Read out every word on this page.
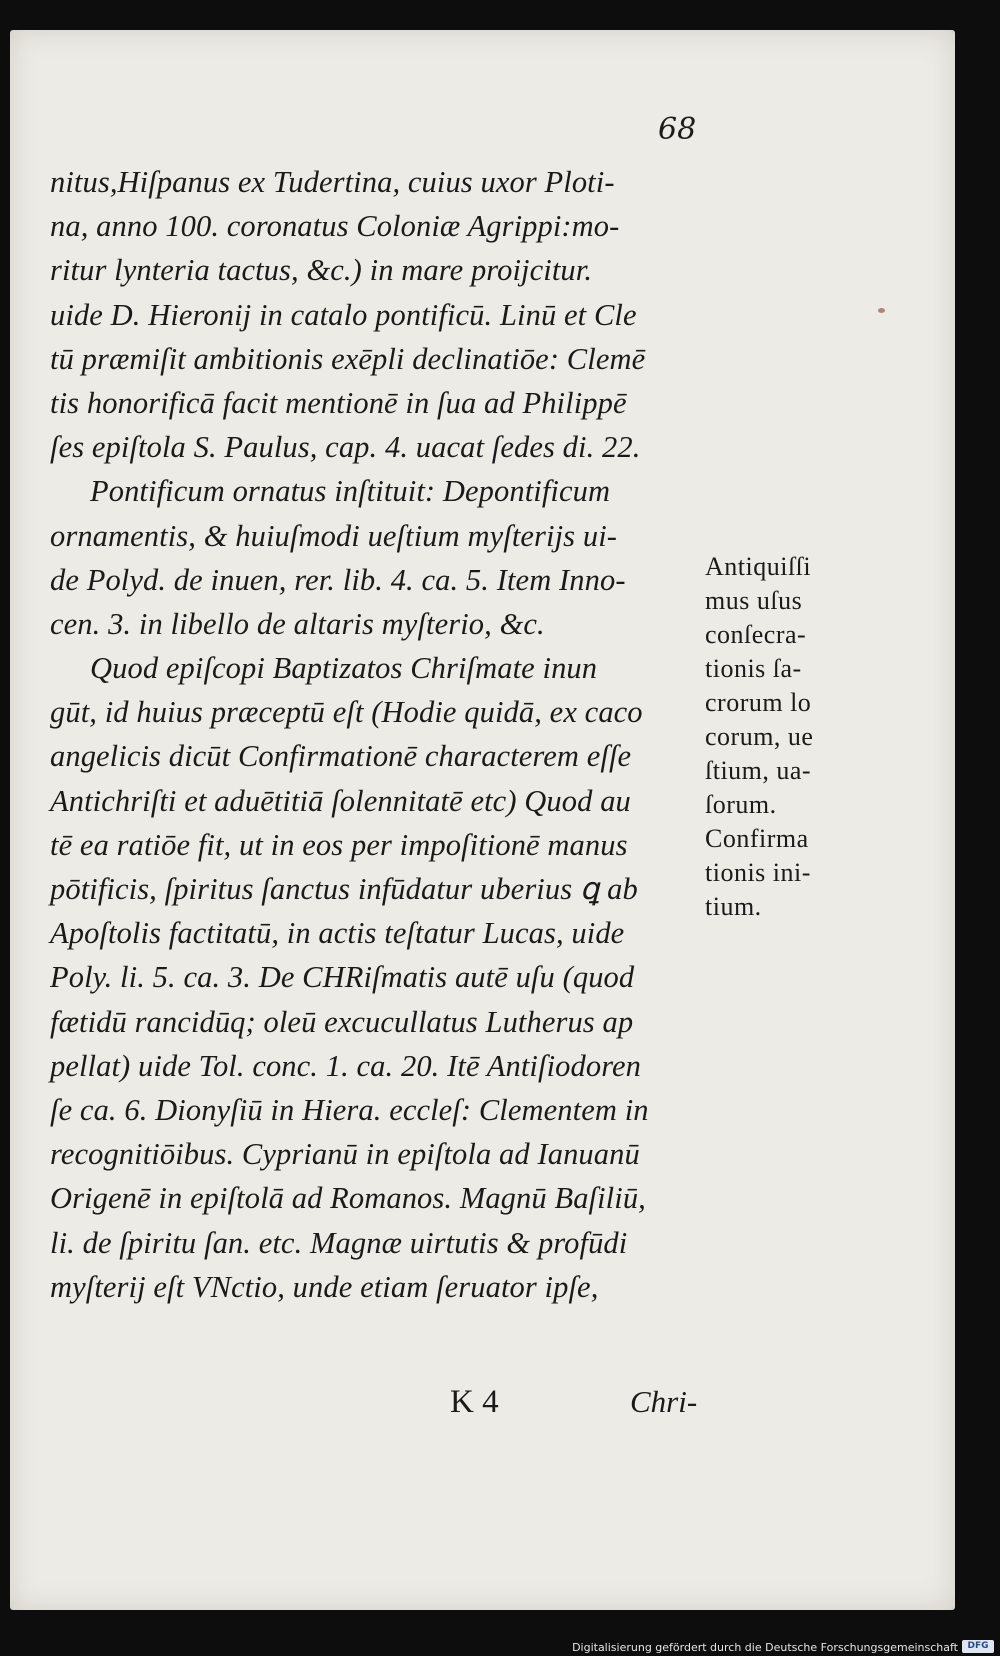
68
nitus,Hiſpanus ex Tudertina, cuius uxor Ploti-
na, anno 100. coronatus Coloniæ Agrippi:mo-
ritur lynteria tactus, &c.) in mare proijcitur.
uide D. Hieronij in catalo pontificū. Linū et Cle
tū præmiſit ambitionis exēpli declinatiōe: Clemē
tis honorificā facit mentionē in ſua ad Philippē
ſes epiſtola S. Paulus, cap. 4. uacat ſedes di. 22.
Pontificum ornatus inſtituit: Depontificum
ornamentis, & huiuſmodi ueſtium myſterijs ui-
de Polyd. de inuen, rer. lib. 4. ca. 5. Item Inno-
cen. 3. in libello de altaris myſterio, &c.
Quod epiſcopi Baptizatos Chriſmate inun
gūt, id huius præceptū eſt (Hodie quidā, ex caco
angelicis dicūt Confirmationē characterem eſſe
Antichriſti et aduētitiā ſolennitatē etc) Quod au
tē ea ratiōe fit, ut in eos per impoſitionē manus
pōtificis, ſpiritus ſanctus infūdatur uberius ꝗ ab
Apoſtolis factitatū, in actis teſtatur Lucas, uide
Poly. li. 5. ca. 3. De CHRiſmatis autē uſu (quod
fætidū rancidūq; oleū excucullatus Lutherus ap
pellat) uide Tol. conc. 1. ca. 20. Itē Antiſiodoren
ſe ca. 6. Dionyſiū in Hiera. eccleſ: Clementem in
recognitiōibus. Cyprianū in epiſtola ad Ianuanū
Origenē in epiſtolā ad Romanos. Magnū Baſiliū,
li. de ſpiritu ſan. etc. Magnæ uirtutis & profūdi
myſterij eſt VNctio, unde etiam ſeruator ipſe,
Antiquiſſi
mus uſus
conſecra-
tionis ſa-
crorum lo
corum, ue
ſtium, ua-
ſorum.
Confirma
tionis ini-
tium.
K 4	Chri-
Digitalisierung gefördert durch die Deutsche Forschungsgemeinschaft	DFG
